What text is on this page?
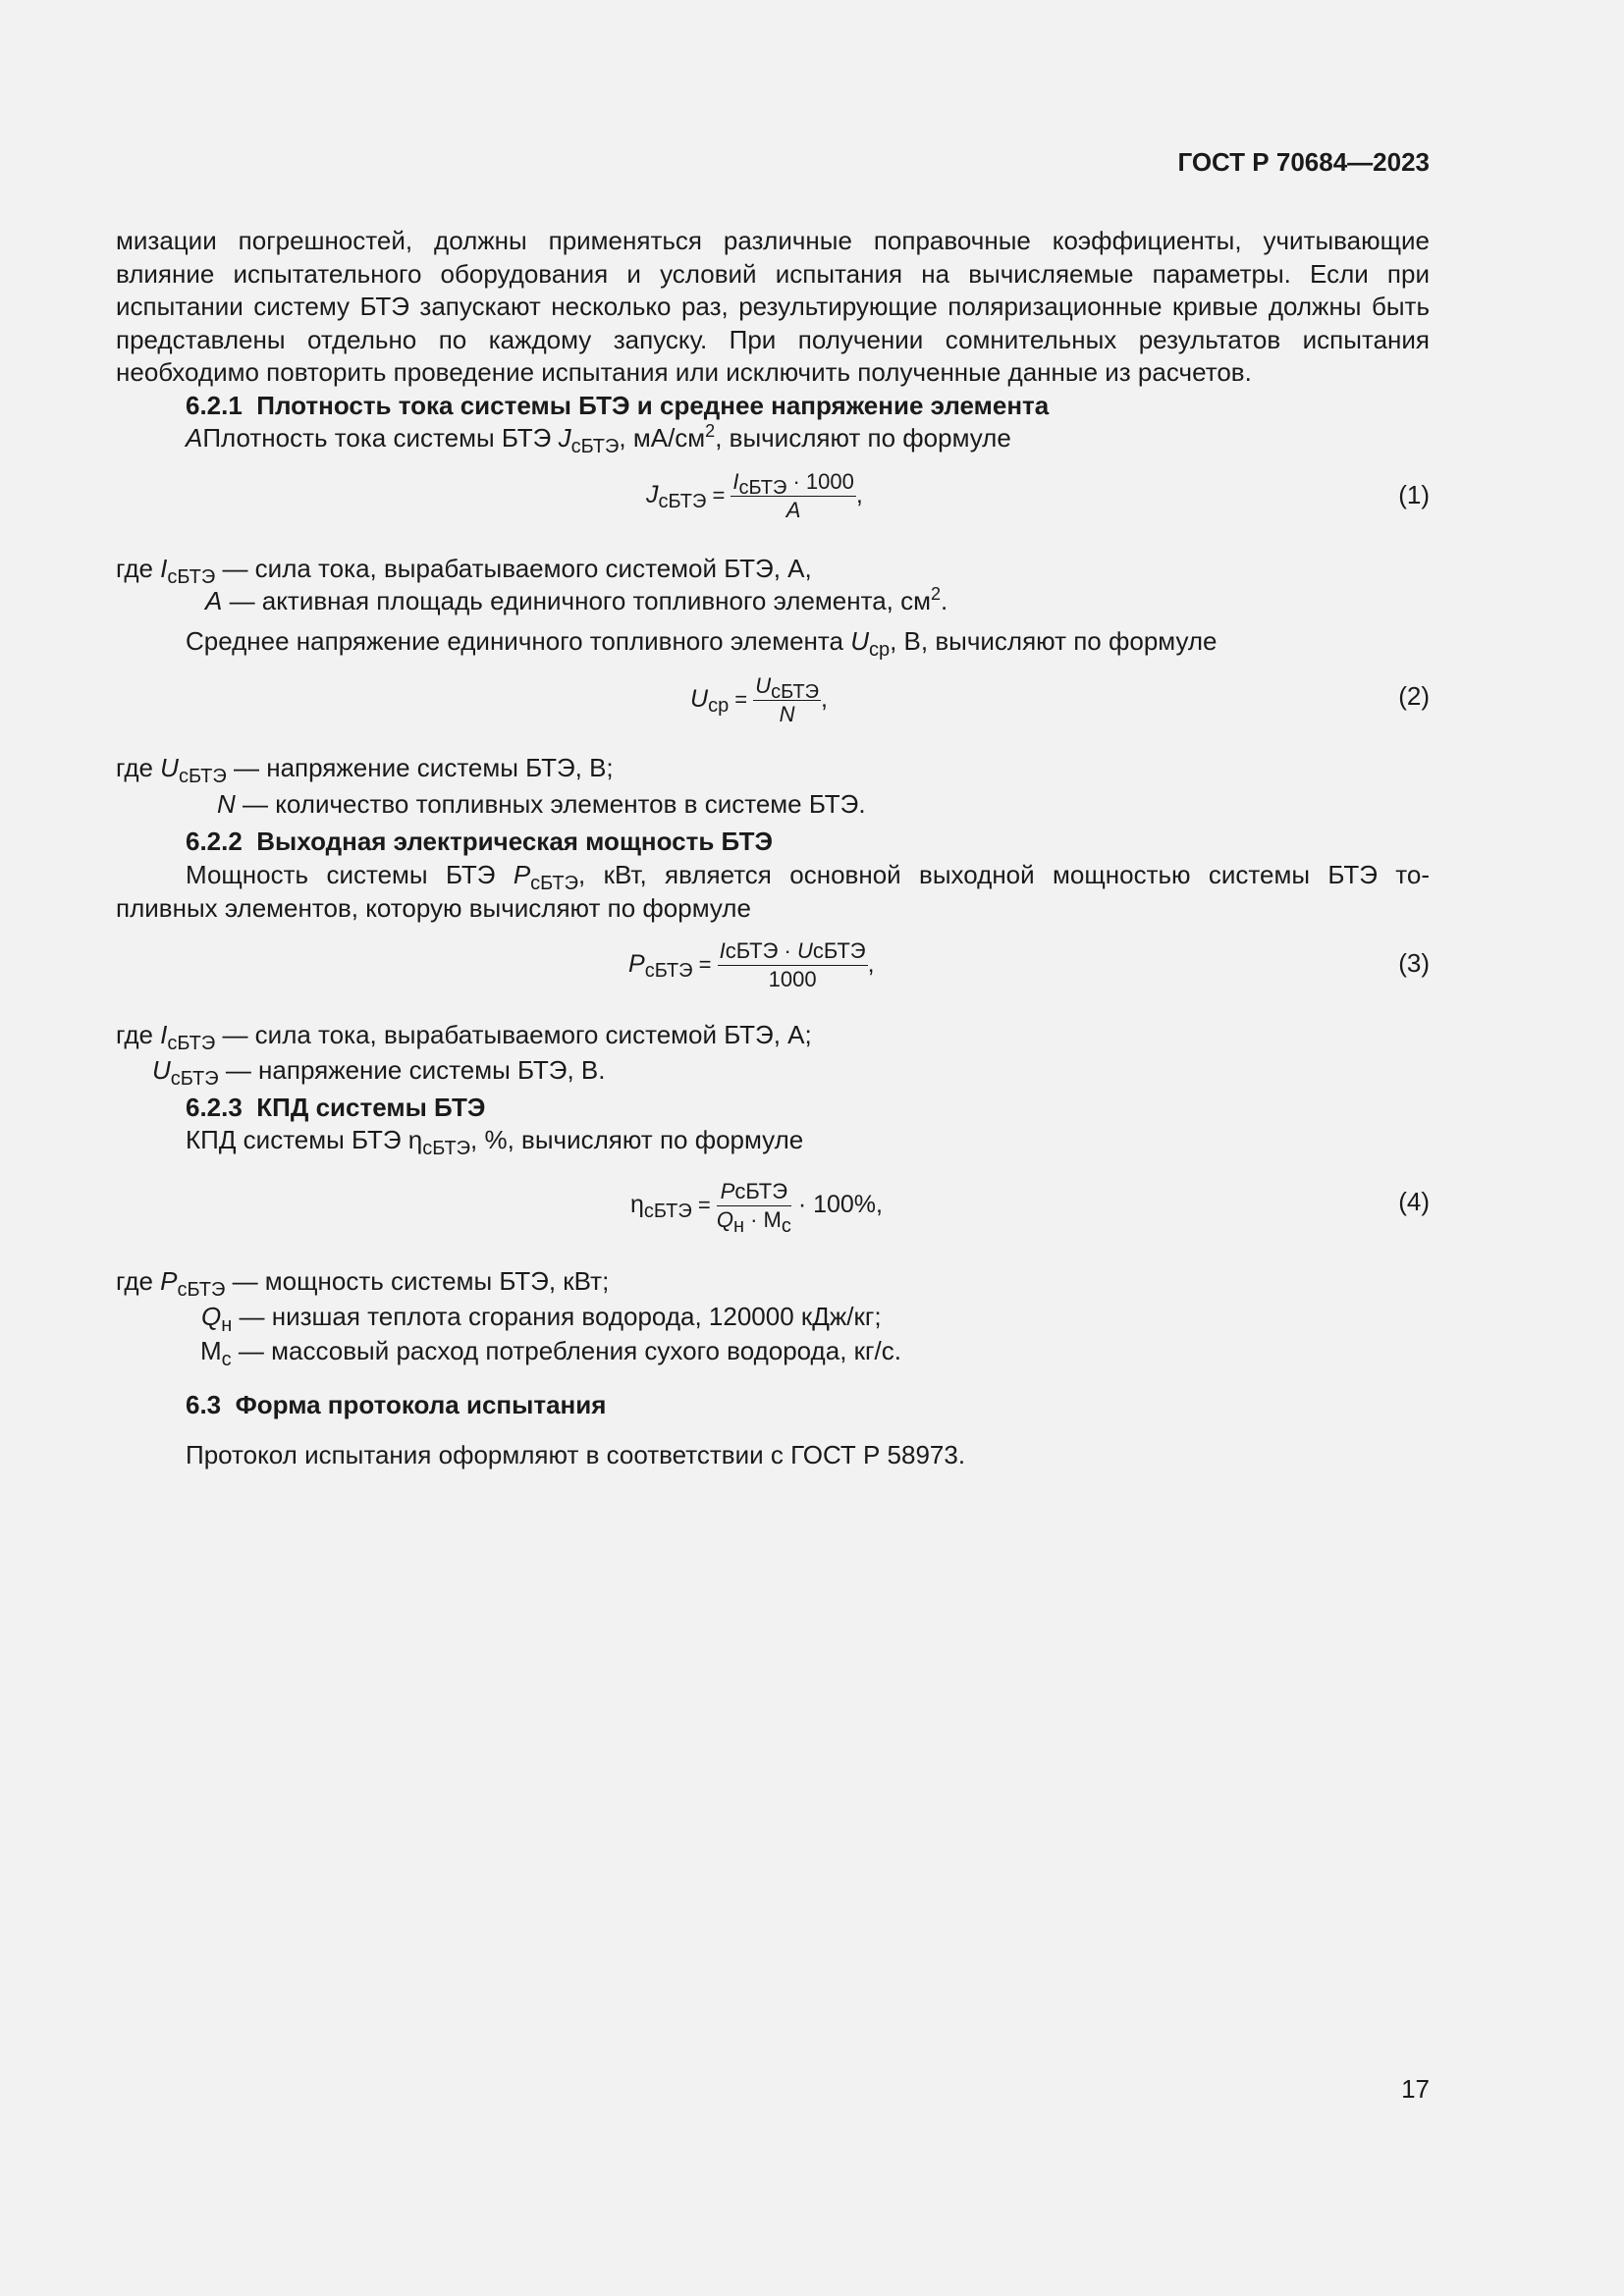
ГОСТ Р 70684—2023
мизации погрешностей, должны применяться различные поправочные коэффициенты, учитывающие влияние испытательного оборудования и условий испытания на вычисляемые параметры. Если при испытании систему БТЭ запускают несколько раз, результирующие поляризационные кривые должны быть представлены отдельно по каждому запуску. При получении сомнительных результатов испытания необходимо повторить проведение испытания или исключить полученные данные из расчетов.
6.2.1 Плотность тока системы БТЭ и среднее напряжение элемента
АПлотность тока системы БТЭ $J_{сБТЭ}$, $мА/см^2$, вычисляют по формуле
$J_{сБТЭ} = \frac{\text{IсБТЭ · 1000}}{А}$ ,	(1)
где $I_{сБТЭ}$ — сила тока, вырабатываемого системой БТЭ, А,
А — активная площадь единичного топливного элемента, $см^2$.
Среднее напряжение единичного топливного элемента $U_{ср}$, В, вычисляют по формуле
$U_{ср} = \frac{\text{UсБТЭ}}{N}$ ,	(2)
где $U_{сБТЭ}$ — напряжение системы БТЭ, В;
N — количество топливных элементов в системе БТЭ.
6.2.2 Выходная электрическая мощность БТЭ
Мощность системы БТЭ $P_{сБТЭ}$, кВт, является основной выходной мощностью системы БТЭ то-
пливных элементов, которую вычисляют по формуле
$P_{сБТЭ} = \frac{\text{IсБТЭ · UсБТЭ}}{1000}$ ,	(3)
где $I_{сБТЭ}$ — сила тока, вырабатываемого системой БТЭ, А;
$U_{сБТЭ}$ — напряжение системы БТЭ, В.
6.2.3 КПД системы БТЭ
КПД системы БТЭ $\eta_{сБТЭ}$, %, вычисляют по формуле
$\eta_{сБТЭ} = \frac{\text{PсБТЭ}}{Qн \cdot Мс} \cdot 100\%$,	(4)
где $P_{сБТЭ}$ — мощность системы БТЭ, кВт;
$Q_н$ — низшая теплота сгорания водорода, 120000 кДж/кг;
$М_с$ — массовый расход потребления сухого водорода, кг/с.
6.3 Форма протокола испытания
Протокол испытания оформляют в соответствии с ГОСТ Р 58973.
17
